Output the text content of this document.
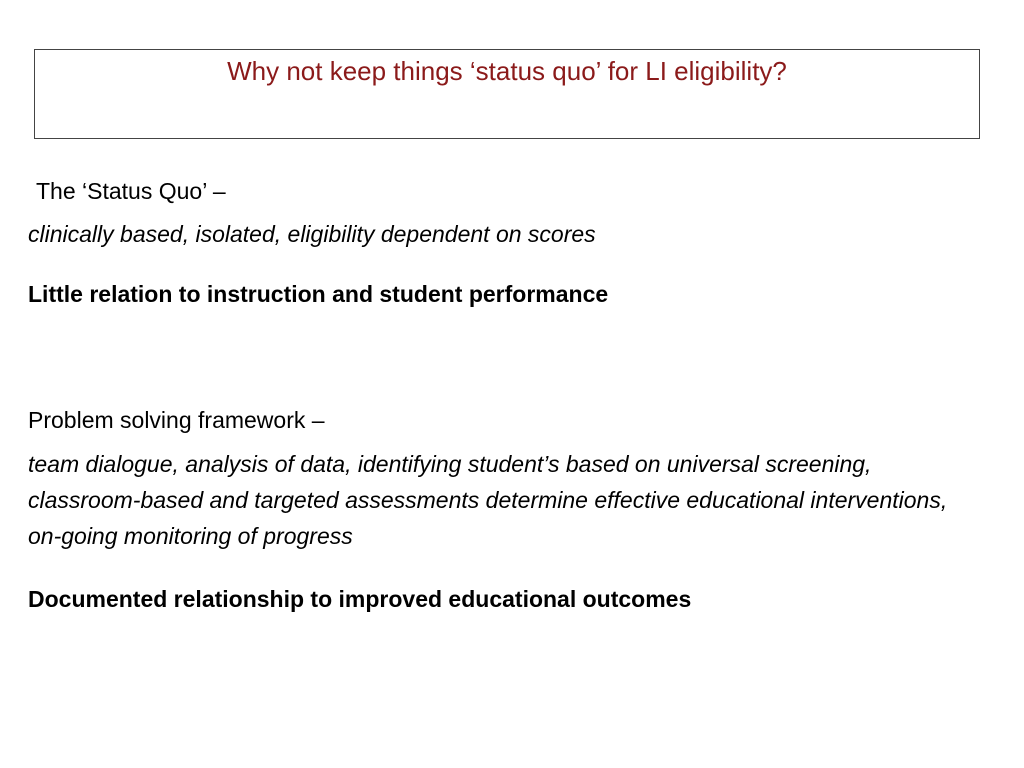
Why not keep things ‘status quo’ for LI eligibility?
The ‘Status Quo’ –
clinically based, isolated, eligibility dependent on scores
Little relation to instruction and student performance
Problem solving framework –
team dialogue, analysis of data, identifying student’s based on universal screening, classroom-based and targeted assessments determine effective educational interventions, on-going monitoring of progress
Documented relationship to improved educational outcomes
